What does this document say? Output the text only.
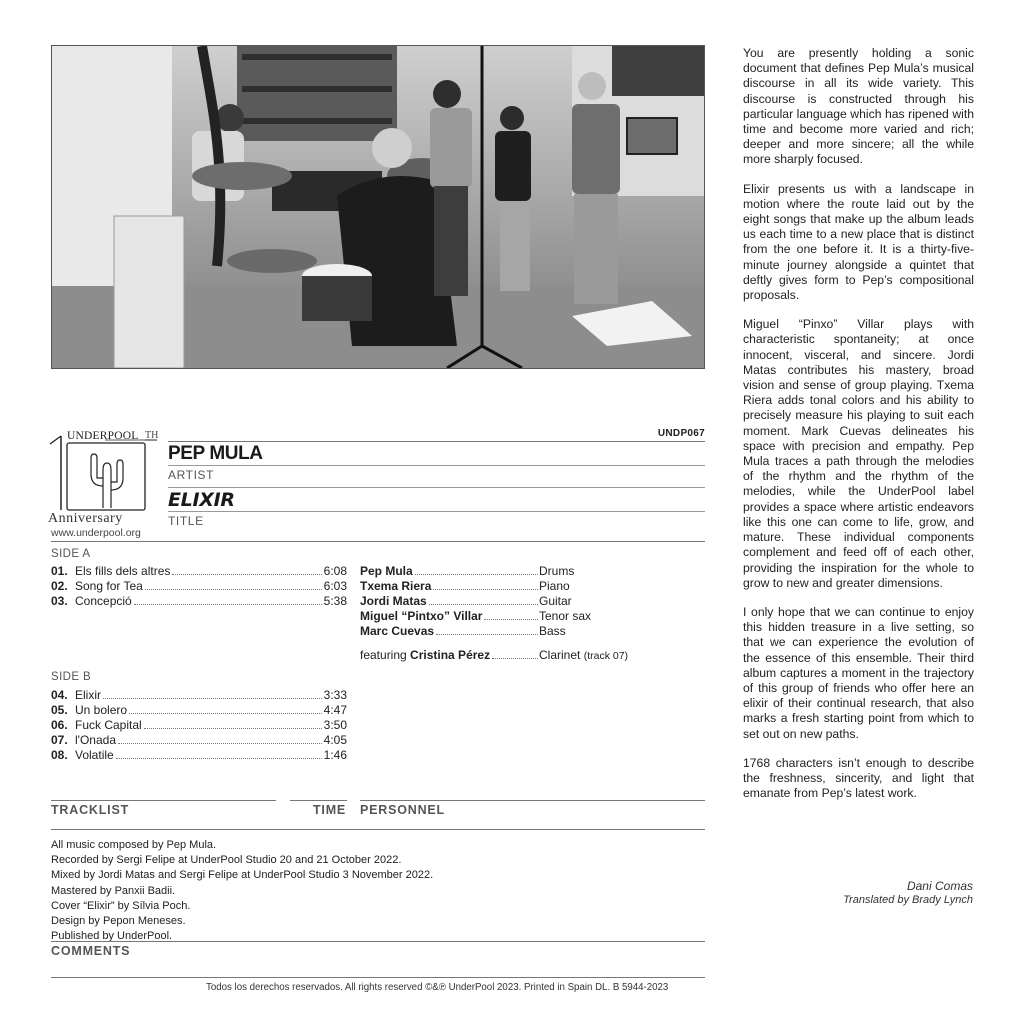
UNDERPOOL TH
Anniversary
www.underpool.org
UNDP067
PEP MULA
ARTIST
ELIXIR
TITLE
SIDE A
01. Els fills dels altres	6:08
02. Song for Tea	6:03
03. Concepció	5:38
SIDE B
04. Elixir	3:33
05. Un bolero	4:47
06. Fuck Capital	3:50
07. l'Onada	4:05
08. Volatile	1:46
Pep Mula	Drums
Txema Riera	Piano
Jordi Matas	Guitar
Miguel “Pintxo” Villar	Tenor sax
Marc Cuevas	Bass
featuring
Cristina Pérez	Clarinet (track 07)
TRACKLIST	TIME PERSONNEL
All music composed by Pep Mula.
Recorded by Sergi Felipe at UnderPool Studio 20 and 21 October 2022.
Mixed by Jordi Matas and Sergi Felipe at UnderPool Studio 3 November 2022.
Mastered by Panxii Badii.
Cover “Elixir” by Sílvia Poch.
Design by Pepon Meneses.
Published by UnderPool.
COMMENTS
Todos los derechos reservados. All rights reserved ©&℗ UnderPool 2023. Printed in Spain DL. B 5944-2023

You are presently holding a sonic document that defines Pep Mula’s musical discourse in all its wide variety. This discourse is constructed through his particular language which has ripened with time and become more varied and rich; deeper and more sincere; all the while more sharply focused.

Elixir presents us with a landscape in motion where the route laid out by the eight songs that make up the album leads us each time to a new place that is distinct from the one before it. It is a thirty-five-minute journey alongside a quintet that deftly gives form to Pep’s compositional proposals.

Miguel “Pinxo” Villar plays with characteristic spontaneity; at once innocent, visceral, and sincere. Jordi Matas contributes his mastery, broad vision and sense of group playing. Txema Riera adds tonal colors and his ability to precisely measure his playing to suit each moment. Mark Cuevas delineates his space with precision and empathy. Pep Mula traces a path through the melodies of the rhythm and the rhythm of the melodies, while the UnderPool label provides a space where artistic endeavors like this one can come to life, grow, and mature. These individual components complement and feed off of each other, providing the inspiration for the whole to grow to new and greater dimensions.

I only hope that we can continue to enjoy this hidden treasure in a live setting, so that we can experience the evolution of the essence of this ensemble. Their third album captures a moment in the trajectory of this group of friends who offer here an elixir of their continual research, that also marks a fresh starting point from which to set out on new paths.

1768 characters isn’t enough to describe the freshness, sincerity, and light that emanate from Pep’s latest work.

Dani Comas
Translated by Brady Lynch
